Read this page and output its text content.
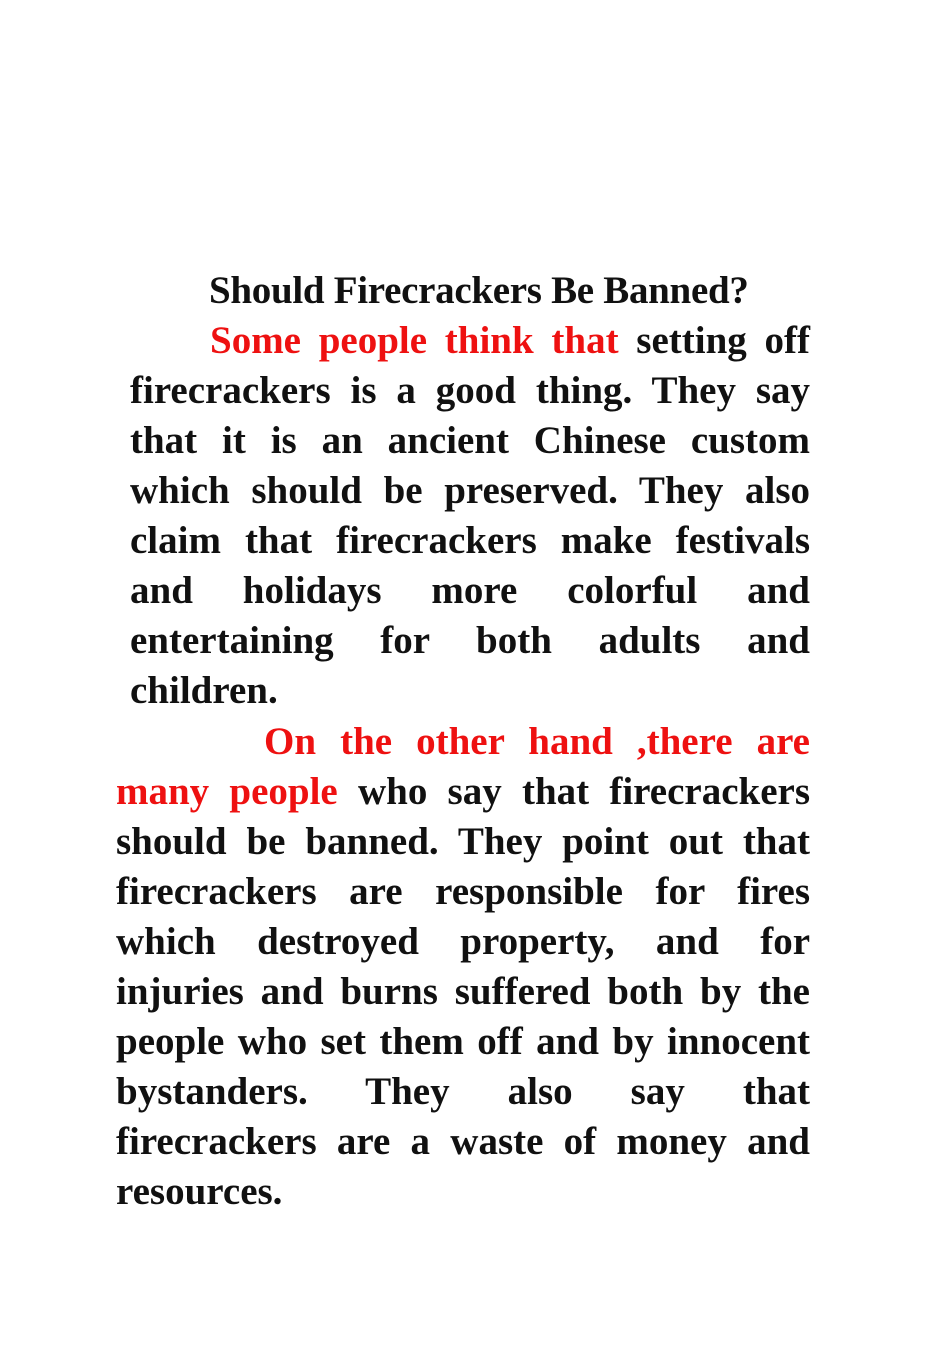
Should Firecrackers Be Banned?

Some people think that setting off firecrackers is a good thing. They say that it is an ancient Chinese custom which should be preserved. They also claim that firecrackers make festivals and holidays more colorful and entertaining for both adults and children.

On the other hand ,there are many people who say that firecrackers should be banned. They point out that firecrackers are responsible for fires which destroyed property, and for injuries and burns suffered both by the people who set them off and by innocent bystanders. They also say that firecrackers are a waste of money and resources.
